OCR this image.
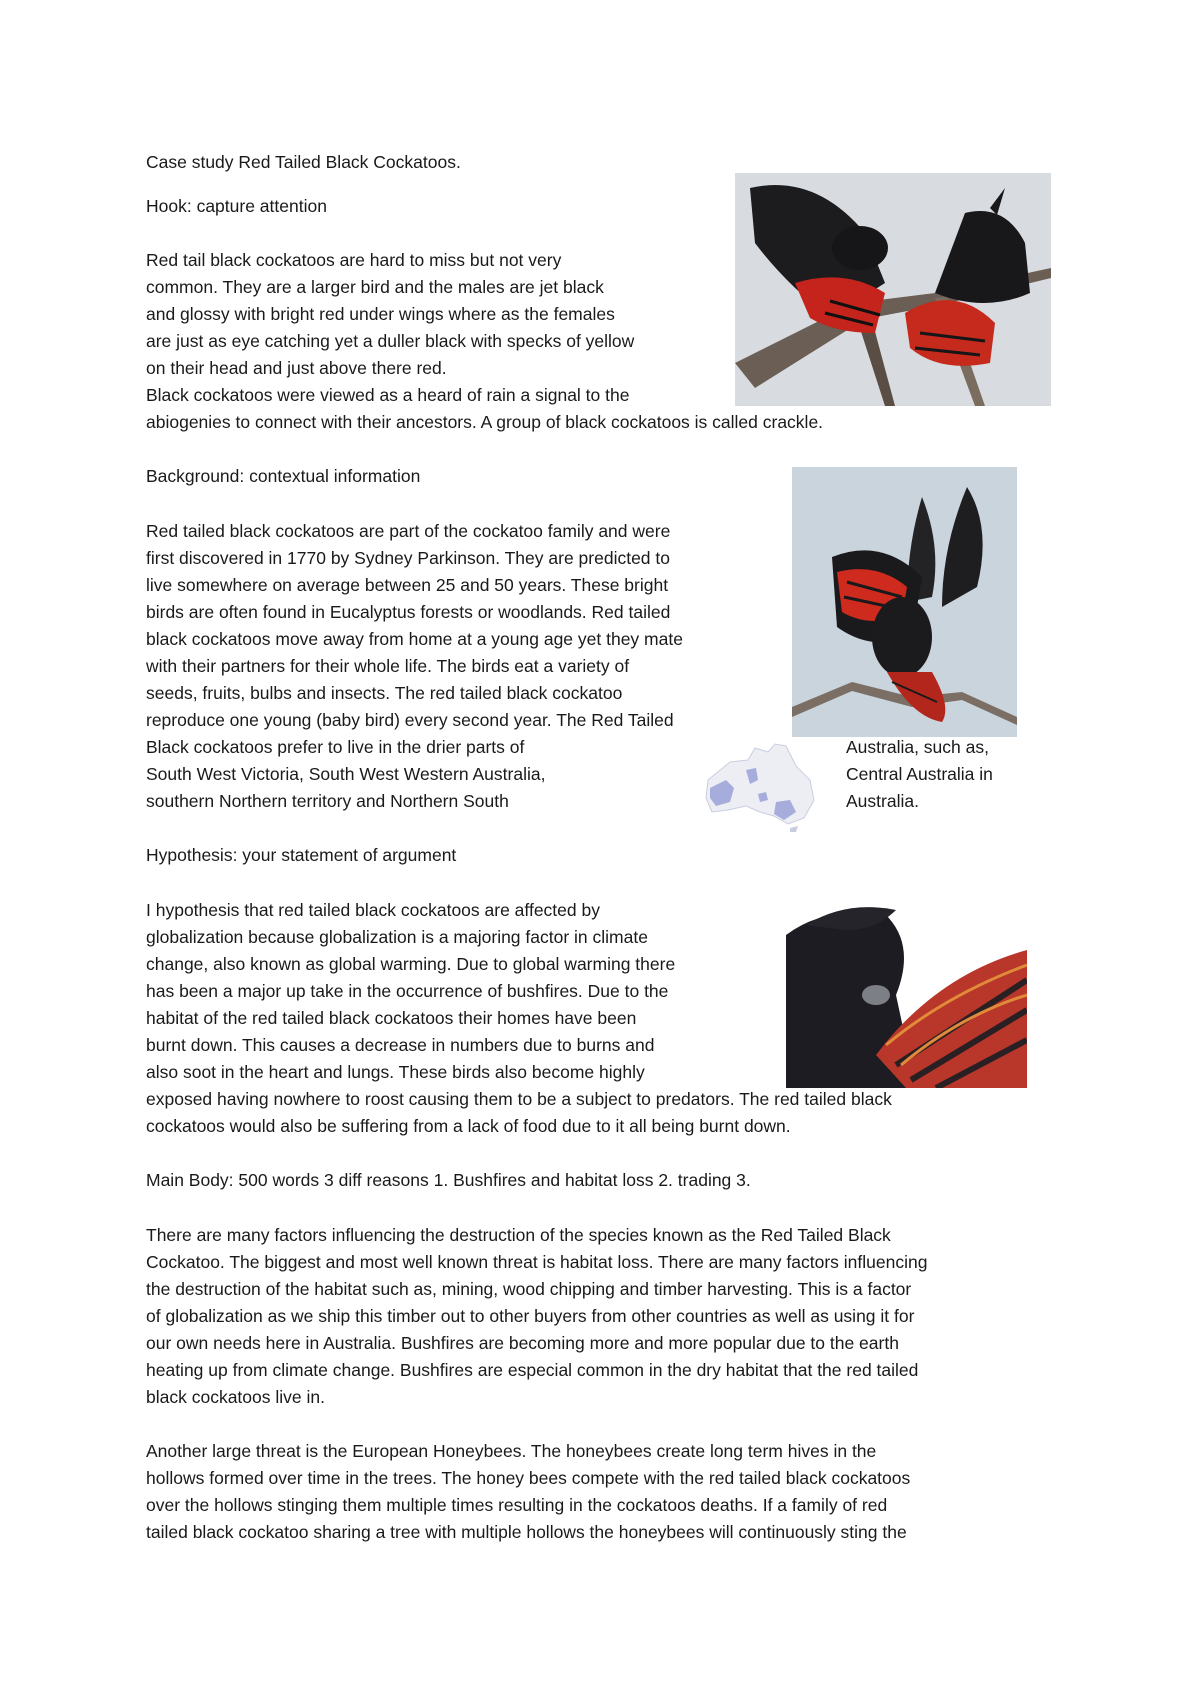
Case study Red Tailed Black Cockatoos.
Hook: capture attention
Red tail black cockatoos are hard to miss but not very
common. They are a larger bird and the males are jet black
and glossy with bright red under wings where as the females
are just as eye catching yet a duller black with specks of yellow
on their head and just above there red.
Black cockatoos were viewed as a heard of rain a signal to the
abiogenies to connect with their ancestors. A group of black cockatoos is called crackle.
Background: contextual information
Red tailed black cockatoos are part of the cockatoo family and were
first discovered in 1770 by Sydney Parkinson. They are predicted to
live somewhere on average between 25 and 50 years. These bright
birds are often found in Eucalyptus forests or woodlands. Red tailed
black cockatoos move away from home at a young age yet they mate
with their partners for their whole life. The birds eat a variety of
seeds, fruits, bulbs and insects. The red tailed black cockatoo
reproduce one young (baby bird) every second year. The Red Tailed
Black cockatoos prefer to live in the drier parts of	Australia, such as,
South West Victoria, South West Western Australia,	Central Australia in
southern Northern territory and Northern South	Australia.
Hypothesis: your statement of argument
I hypothesis that red tailed black cockatoos are affected by
globalization because globalization is a majoring factor in climate
change, also known as global warming. Due to global warming there
has been a major up take in the occurrence of bushfires. Due to the
habitat of the red tailed black cockatoos their homes have been
burnt down. This causes a decrease in numbers due to burns and
also soot in the heart and lungs. These birds also become highly
exposed having nowhere to roost causing them to be a subject to predators. The red tailed black
cockatoos would also be suffering from a lack of food due to it all being burnt down.
Main Body: 500 words 3 diff reasons 1. Bushfires and habitat loss 2. trading 3.
There are many factors influencing the destruction of the species known as the Red Tailed Black
Cockatoo. The biggest and most well known threat is habitat loss. There are many factors influencing
the destruction of the habitat such as, mining, wood chipping and timber harvesting. This is a factor
of globalization as we ship this timber out to other buyers from other countries as well as using it for
our own needs here in Australia. Bushfires are becoming more and more popular due to the earth
heating up from climate change. Bushfires are especial common in the dry habitat that the red tailed
black cockatoos live in.
Another large threat is the European Honeybees. The honeybees create long term hives in the
hollows formed over time in the trees. The honey bees compete with the red tailed black cockatoos
over the hollows stinging them multiple times resulting in the cockatoos deaths. If a family of red
tailed black cockatoo sharing a tree with multiple hollows the honeybees will continuously sting the
